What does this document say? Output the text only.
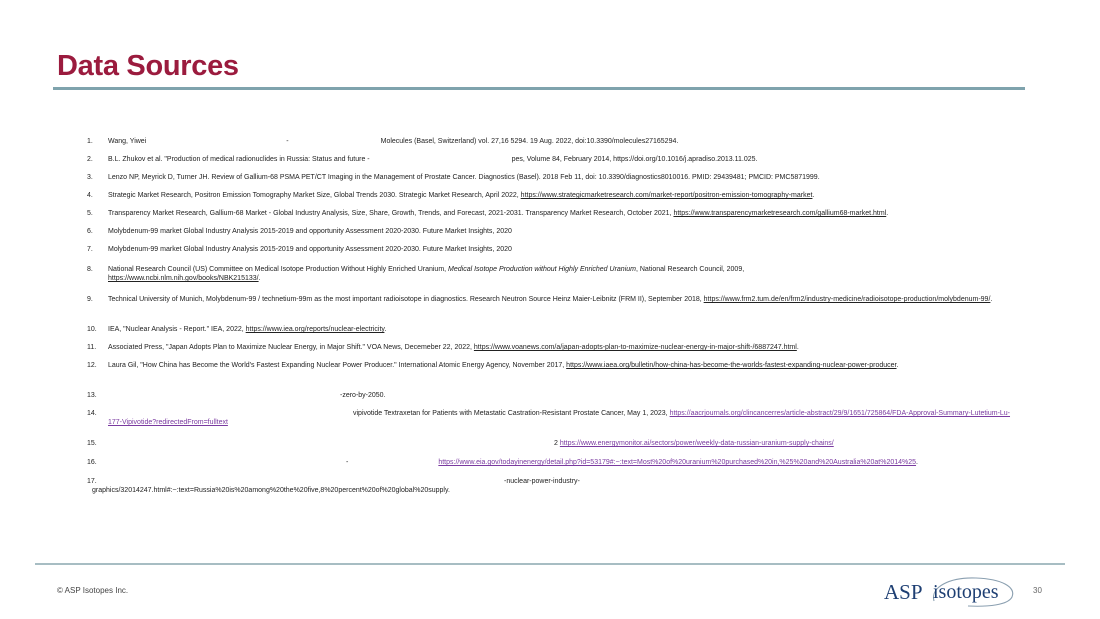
Data Sources
1.	Wang, Yiwei	-	Molecules (Basel, Switzerland) vol. 27,16 5294. 19 Aug. 2022, doi:10.3390/molecules27165294.
2.	B.L. Zhukov et al. "Production of medical radionuclides in Russia: Status and future -	pes, Volume 84, February 2014, https://doi.org/10.1016/j.apradiso.2013.11.025.
3.	Lenzo NP, Meyrick D, Turner JH. Review of Gallium-68 PSMA PET/CT Imaging in the Management of Prostate Cancer. Diagnostics (Basel). 2018 Feb 11, doi: 10.3390/diagnostics8010016. PMID: 29439481; PMCID: PMC5871999.
4.	Strategic Market Research, Positron Emission Tomography Market Size, Global Trends 2030. Strategic Market Research, April 2022, https://www.strategicmarketresearch.com/market-report/positron-emission-tomography-market.
5.	Transparency Market Research, Gallium-68 Market - Global Industry Analysis, Size, Share, Growth, Trends, and Forecast, 2021-2031. Transparency Market Research, October 2021, https://www.transparencymarketresearch.com/gallium68-market.html.
6.	Molybdenum-99 market Global Industry Analysis 2015-2019 and opportunity Assessment 2020-2030. Future Market Insights, 2020
7.	Molybdenum-99 market Global Industry Analysis 2015-2019 and opportunity Assessment 2020-2030. Future Market Insights, 2020
8.	National Research Council (US) Committee on Medical Isotope Production Without Highly Enriched Uranium, Medical Isotope Production without Highly Enriched Uranium, National Research Council, 2009,
https://www.ncbi.nlm.nih.gov/books/NBK215133/.
9.	Technical University of Munich, Molybdenum-99 / technetium-99m as the most important radioisotope in diagnostics. Research Neutron Source Heinz Maier-Leibnitz (FRM II), September 2018, https://www.frm2.tum.de/en/frm2/industry-medicine/radioisotope-production/molybdenum-99/.
10.	IEA, "Nuclear Analysis - Report." IEA, 2022, https://www.iea.org/reports/nuclear-electricity.
11.	Associated Press, "Japan Adopts Plan to Maximize Nuclear Energy, in Major Shift." VOA News, Decemeber 22, 2022, https://www.voanews.com/a/japan-adopts-plan-to-maximize-nuclear-energy-in-major-shift-/6887247.html.
12.	Laura Gil, "How China has Become the World's Fastest Expanding Nuclear Power Producer." International Atomic Energy Agency, November 2017, https://www.iaea.org/bulletin/how-china-has-become-the-worlds-fastest-expanding-nuclear-power-producer.
13.	-zero-by-2050.
14.	vipivotide Textraxetan for Patients with Metastatic Castration-Resistant Prostate Cancer, May 1, 2023, https://aacrjournals.org/clincancerres/article-abstract/29/9/1651/725864/FDA-Approval-Summary-Lutetium-Lu-177-Vipivotide?redirectedFrom=fulltext
15.	2 https://www.energymonitor.ai/sectors/power/weekly-data-russian-uranium-supply-chains/
16.	-	https://www.eia.gov/todayinenergy/detail.php?id=53179#:~:text=Most%20of%20uranium%20purchased%20in,%25%20and%20Australia%20at%2014%25.
17.	-nuclear-power-industry-
graphics/32014247.html#:~:text=Russia%20is%20among%20the%20five,8%20percent%20of%20global%20supply.
© ASP Isotopes Inc.	ASP isotopes	30
